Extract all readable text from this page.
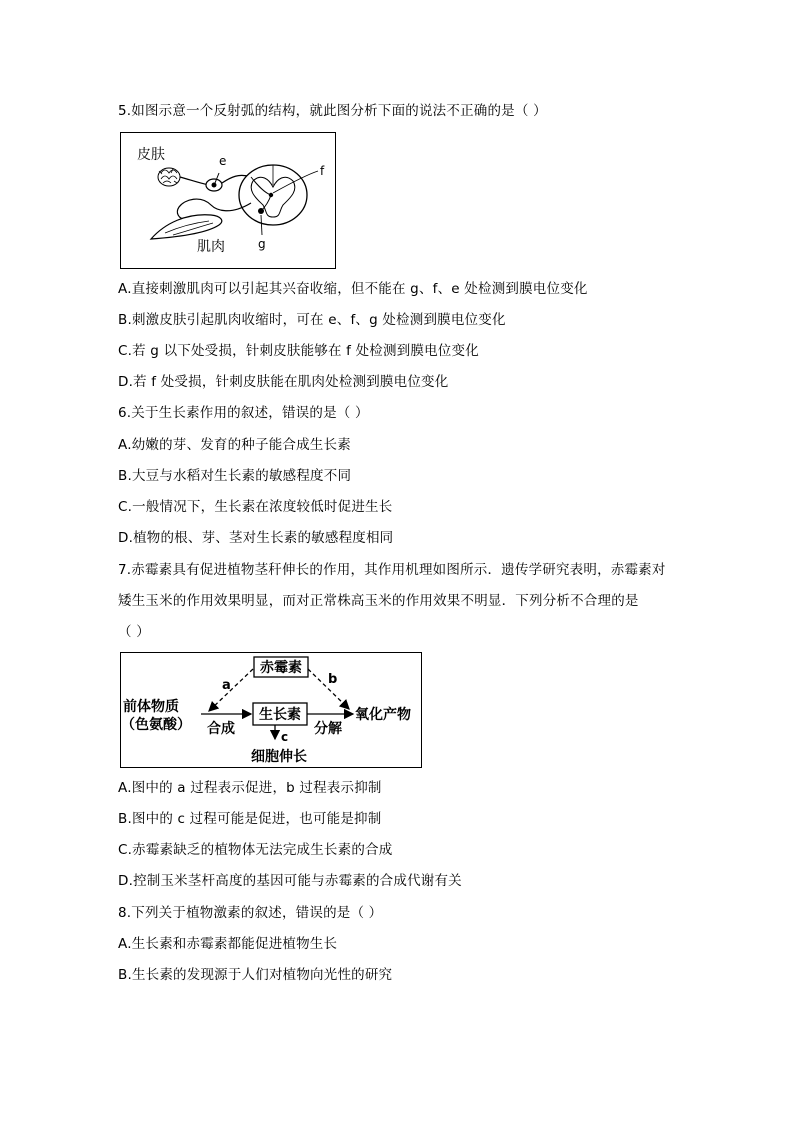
5.如图示意一个反射弧的结构，就此图分析下面的说法不正确的是（ ）
皮肤	e
f
g
肌肉
A.直接刺激肌肉可以引起其兴奋收缩，但不能在 g、f、e 处检测到膜电位变化
B.刺激皮肤引起肌肉收缩时，可在 e、f、g 处检测到膜电位变化
C.若 g 以下处受损，针刺皮肤能够在 f 处检测到膜电位变化
D.若 f 处受损，针刺皮肤能在肌肉处检测到膜电位变化
6.关于生长素作用的叙述，错误的是（ ）
A.幼嫩的芽、发育的种子能合成生长素
B.大豆与水稻对生长素的敏感程度不同
C.一般情况下，生长素在浓度较低时促进生长
D.植物的根、芽、茎对生长素的敏感程度相同
7.赤霉素具有促进植物茎秆伸长的作用，其作用机理如图所示．遗传学研究表明，赤霉素对
矮生玉米的作用效果明显，而对正常株高玉米的作用效果不明显．下列分析不合理的是
（ ）
赤霉素
生长素
前体物质
（色氨酸） 合成
a
分解
氧化产物
b
c
细胞伸长
A.图中的 a 过程表示促进，b 过程表示抑制
B.图中的 c 过程可能是促进，也可能是抑制
C.赤霉素缺乏的植物体无法完成生长素的合成
D.控制玉米茎杆高度的基因可能与赤霉素的合成代谢有关
8.下列关于植物激素的叙述，错误的是（ ）
A.生长素和赤霉素都能促进植物生长
B.生长素的发现源于人们对植物向光性的研究
